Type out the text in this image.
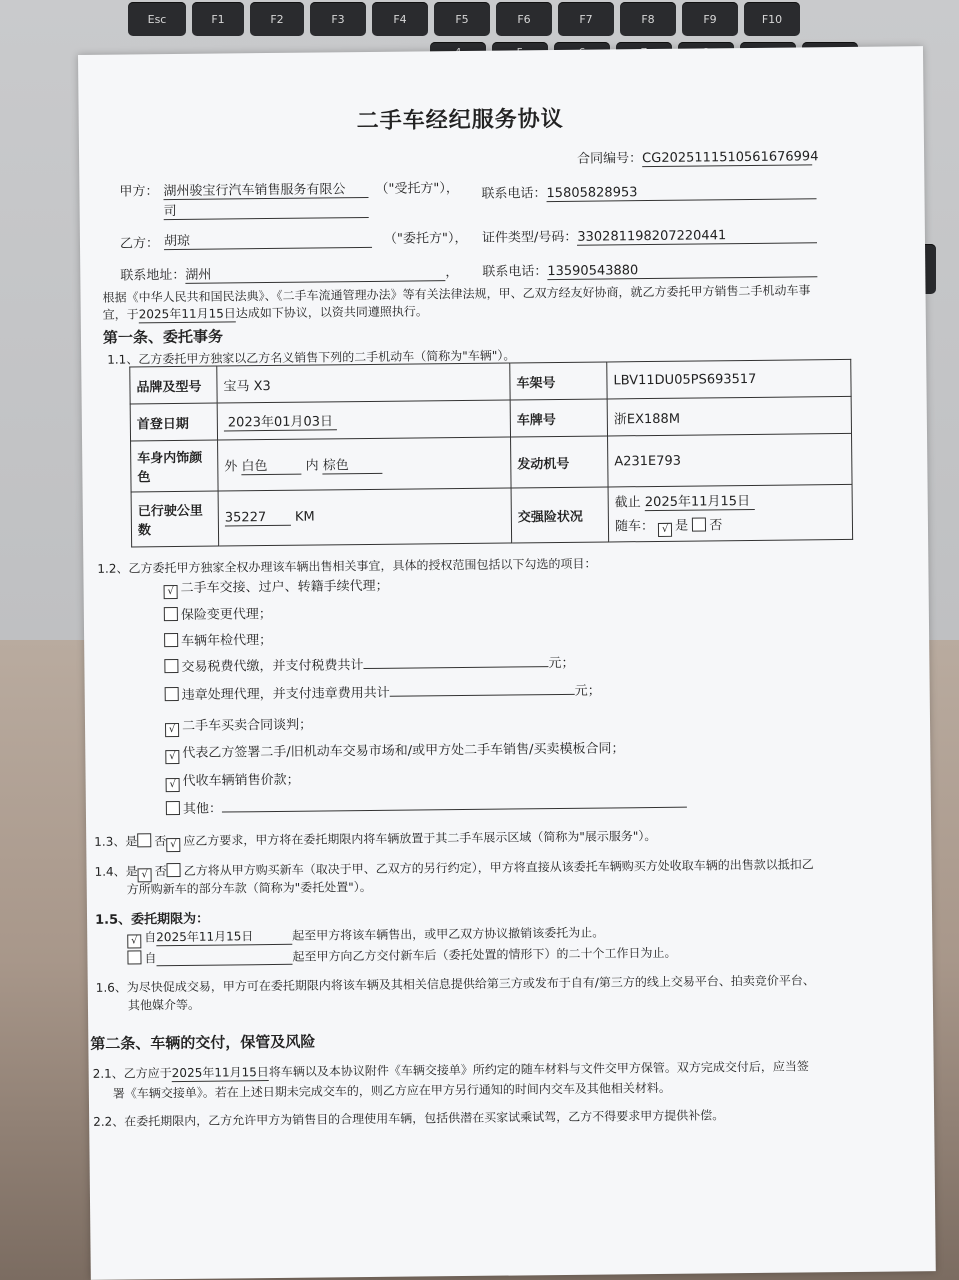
Esc	F1	F2	F3	F4	F5	F6	F7	F8	F9	F10
二手车经纪服务协议
合同编号：CG2025111510561676994
甲方： 湖州骏宝行汽车销售服务有限公
司
（"受托方"）， 联系电话：15805828953
乙方： 胡琼	（"委托方"）， 证件类型/号码：330281198207220441
联系地址：湖州	， 联系电话：13590543880
根据《中华人民共和国民法典》、《二手车流通管理办法》等有关法律法规，甲、乙双方经友好协商，就乙方委托甲方销售二手机动车事
宜，于2025年11月15日达成如下协议，以资共同遵照执行。
第一条、委托事务
1.1、乙方委托甲方独家以乙方名义销售下列的二手机动车（简称为"车辆"）。
品牌及型号	宝马 X3	车架号	LBV11DU05PS693517
首登日期	2023年01月03日	车牌号	浙EX188M
车身内饰颜色	外 白色 内 棕色	发动机号	A231E793
已行驶公里数	35227 KM	交强险状况	截止 2025年11月15日
随车： √ 是 否
1.2、乙方委托甲方独家全权办理该车辆出售相关事宜，具体的授权范围包括以下勾选的项目：
√ 二手车交接、过户、转籍手续代理；
保险变更代理；
车辆年检代理；
交易税费代缴，并支付税费共计	元；
违章处理代理，并支付违章费用共计	元；
√ 二手车买卖合同谈判；
√ 代表乙方签署二手/旧机动车交易市场和/或甲方处二手车销售/买卖模板合同；
√ 代收车辆销售价款；
其他：
1.3、是 否 √ 应乙方要求，甲方将在委托期限内将车辆放置于其二手车展示区域（简称为"展示服务"）。
1.4、是 √ 否 乙方将从甲方购买新车（取决于甲、乙双方的另行约定），甲方将直接从该委托车辆购买方处收取车辆的出售款以抵扣乙
方所购新车的部分车款（简称为"委托处置"）。
1.5、委托期限为：
√ 自2025年11月15日	起至甲方将该车辆售出，或甲乙双方协议撤销该委托为止。
自	起至甲方向乙方交付新车后（委托处置的情形下）的二十个工作日为止。
1.6、为尽快促成交易，甲方可在委托期限内将该车辆及其相关信息提供给第三方或发布于自有/第三方的线上交易平台、拍卖竞价平台、
其他媒介等。
第二条、车辆的交付，保管及风险
2.1、乙方应于2025年11月15日将车辆以及本协议附件《车辆交接单》所约定的随车材料与文件交甲方保管。双方完成交付后，应当签
署《车辆交接单》。若在上述日期未完成交车的，则乙方应在甲方另行通知的时间内交车及其他相关材料。
2.2、在委托期限内，乙方允许甲方为销售目的合理使用车辆，包括供潜在买家试乘试驾，乙方不得要求甲方提供补偿。
